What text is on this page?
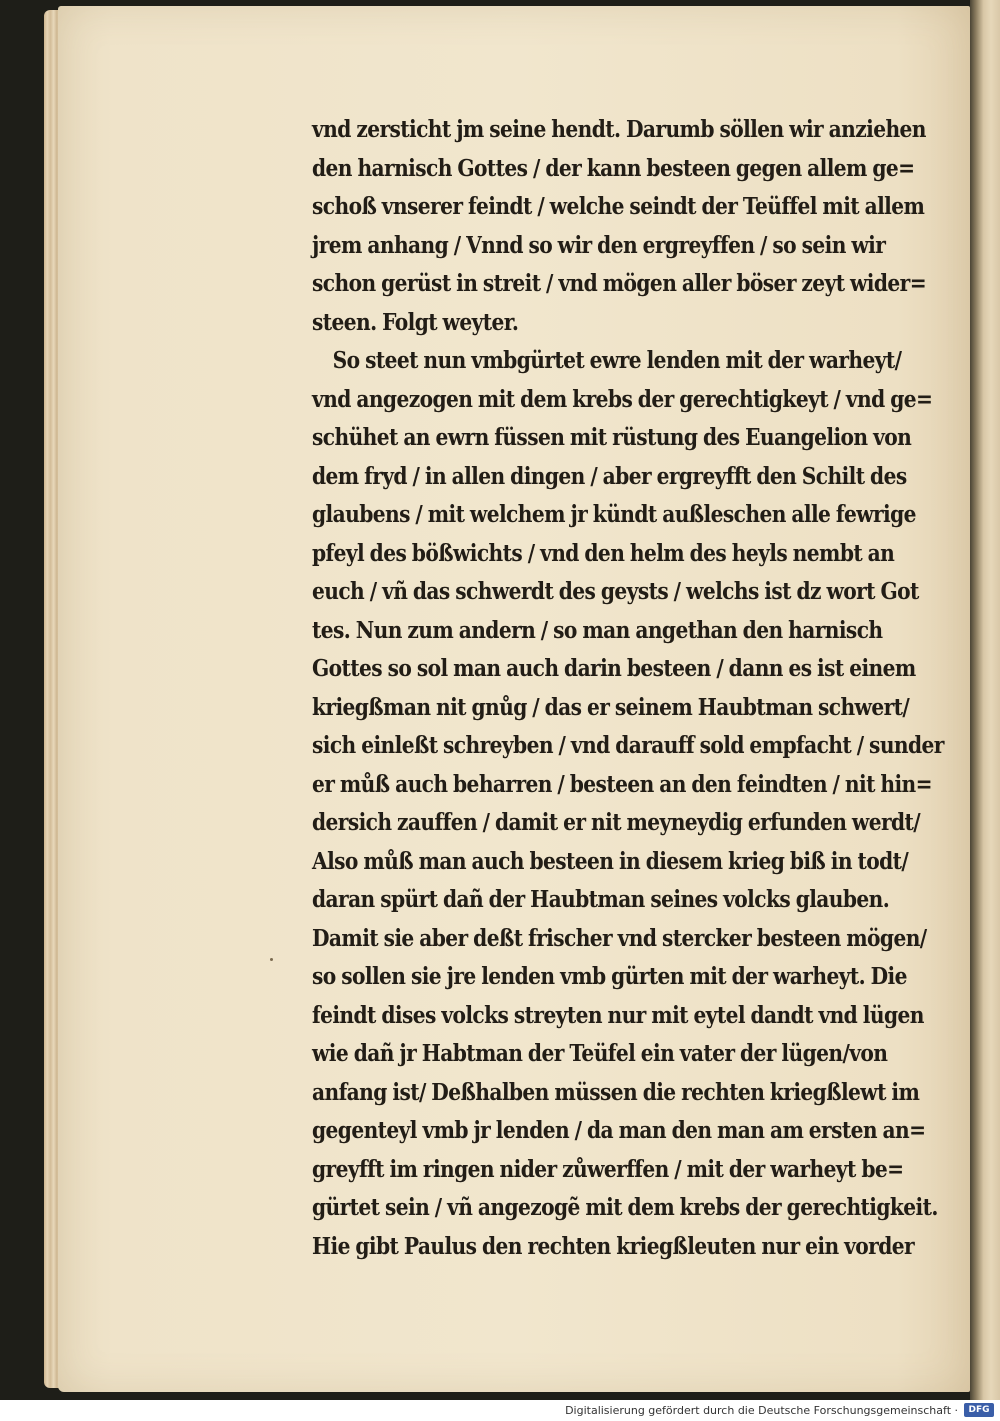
vnd zersticht jm seine hendt. Darumb söllen wir anziehen
den harnisch Gottes / der kann besteen gegen allem ge=
schoß vnserer feindt / welche seindt der Teüffel mit allem
jrem anhang / Vnnd so wir den ergreyffen / so sein wir
schon gerüst in streit / vnd mögen aller böser zeyt wider=
steen. Folgt weyter.
So steet nun vmbgürtet ewre lenden mit der warheyt/
vnd angezogen mit dem krebs der gerechtigkeyt / vnd ge=
schühet an ewrn füssen mit rüstung des Euangelion von
dem fryd / in allen dingen / aber ergreyfft den Schilt des
glaubens / mit welchem jr kündt außleschen alle fewrige
pfeyl des bößwichts / vnd den helm des heyls nembt an
euch / vñ das schwerdt des geysts / welchs ist dz wort Got
tes. Nun zum andern / so man angethan den harnisch
Gottes so sol man auch darin besteen / dann es ist einem
kriegßman nit gnůg / das er seinem Haubtman schwert/
sich einleßt schreyben / vnd darauff sold empfacht / sunder
er můß auch beharren / besteen an den feindten / nit hin=
dersich zauffen / damit er nit meyneydig erfunden werdt/
Also můß man auch besteen in diesem krieg biß in todt/
daran spürt dañ der Haubtman seines volcks glauben.
Damit sie aber deßt frischer vnd stercker besteen mögen/
so sollen sie jre lenden vmb gürten mit der warheyt. Die
feindt dises volcks streyten nur mit eytel dandt vnd lügen
wie dañ jr Habtman der Teüfel ein vater der lügen/von
anfang ist/ Deßhalben müssen die rechten kriegßlewt im
gegenteyl vmb jr lenden / da man den man am ersten an=
greyfft im ringen nider zůwerffen / mit der warheyt be=
gürtet sein / vñ angezogẽ mit dem krebs der gerechtigkeit.
Hie gibt Paulus den rechten kriegßleuten nur ein vorder
Digitalisierung gefördert durch die Deutsche Forschungsgemeinschaft ·	DFG
